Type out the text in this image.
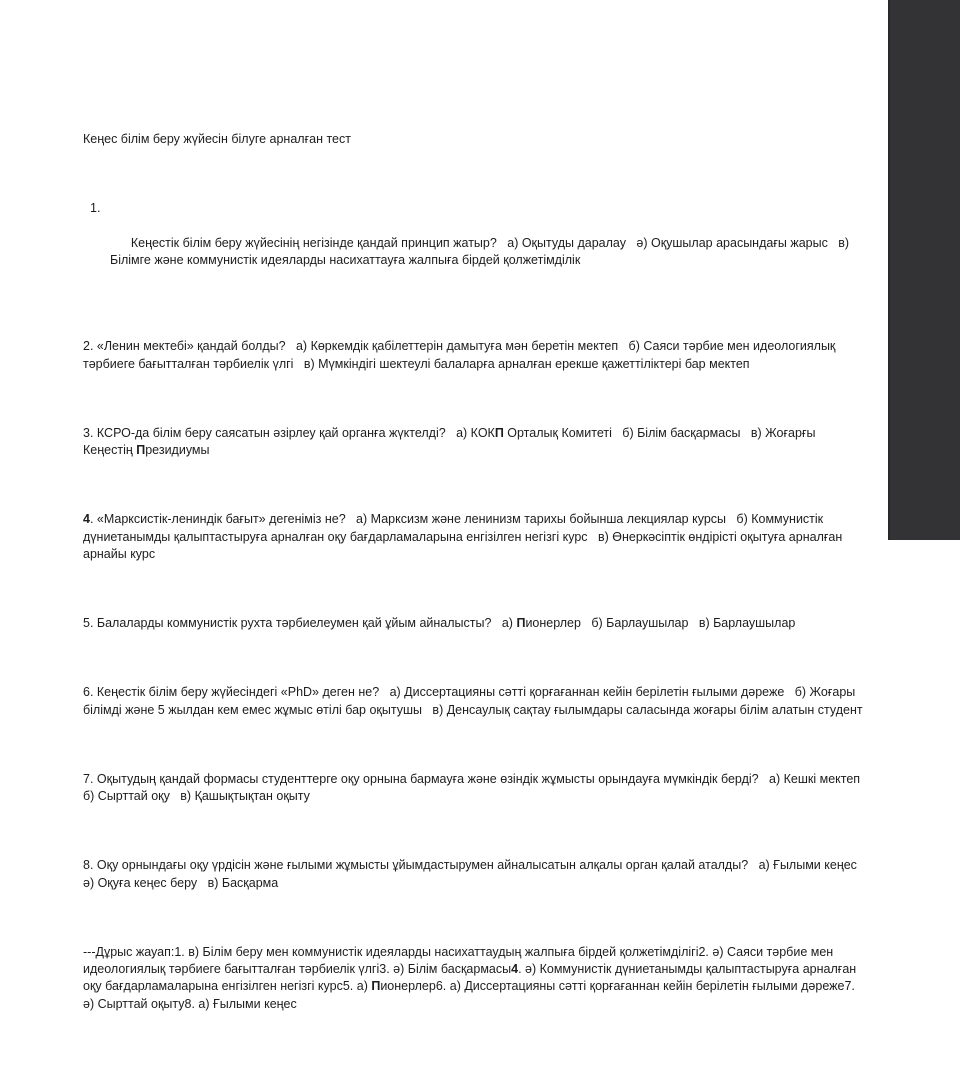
Кеңес білім беру жүйесін білуге арналған тест

1.

Кеңестік білім беру жүйесінің негізінде қандай принцип жатыр?   а) Оқытуды даралау   ә) Оқушылар арасындағы жарыс   в) Білімге және коммунистік идеяларды насихаттауға жалпыға бірдей қолжетімділік

2. «Ленин мектебі» қандай болды?   а) Көркемдік қабілеттерін дамытуға мән беретін мектеп   б) Саяси тәрбие мен идеологиялық тәрбиеге бағытталған тәрбиелік үлгі   в) Мүмкіндігі шектеулі балаларға арналған ерекше қажеттіліктері бар мектеп

3. КСРО-да білім беру саясатын әзірлеу қай органға жүктелді?   а) КОКП Орталық Комитеті   б) Білім басқармасы   в) Жоғарғы Кеңестің Президиумы

4. «Марксистік-лениндік бағыт» дегеніміз не?   а) Марксизм және ленинизм тарихы бойынша лекциялар курсы   б) Коммунистік дүниетанымды қалыптастыруға арналған оқу бағдарламаларына енгізілген негізгі курс   в) Өнеркәсіптік өндірісті оқытуға арналған арнайы курс

5. Балаларды коммунистік рухта тәрбиелеумен қай ұйым айналысты?   а) Пионерлер   б) Барлаушылар   в) Барлаушылар

6. Кеңестік білім беру жүйесіндегі «PhD» деген не?   а) Диссертацияны сәтті қорғағаннан кейін берілетін ғылыми дәреже   б) Жоғары білімді және 5 жылдан кем емес жұмыс өтілі бар оқытушы   в) Денсаулық сақтау ғылымдары саласында жоғары білім алатын студент

7. Оқытудың қандай формасы студенттерге оқу орнына бармауға және өзіндік жұмысты орындауға мүмкіндік берді?   а) Кешкі мектеп   б) Сырттай оқу   в) Қашықтықтан оқыту

8. Оқу орнындағы оқу үрдісін және ғылыми жұмысты ұйымдастырумен айналысатын алқалы орган қалай аталды?   а) Ғылыми кеңес   ә) Оқуға кеңес беру   в) Басқарма

---Дұрыс жауап:1. в) Білім беру мен коммунистік идеяларды насихаттаудың жалпыға бірдей қолжетімділігі2. ә) Саяси тәрбие мен идеологиялық тәрбиеге бағытталған тәрбиелік үлгі3. ә) Білім басқармасы4. ә) Коммунистік дүниетанымды қалыптастыруға арналған оқу бағдарламаларына енгізілген негізгі курс5. а) Пионерлер6. а) Диссертацияны сәтті қорғағаннан кейін берілетін ғылыми дәреже7. ә) Сырттай оқыту8. а) Ғылыми кеңес
